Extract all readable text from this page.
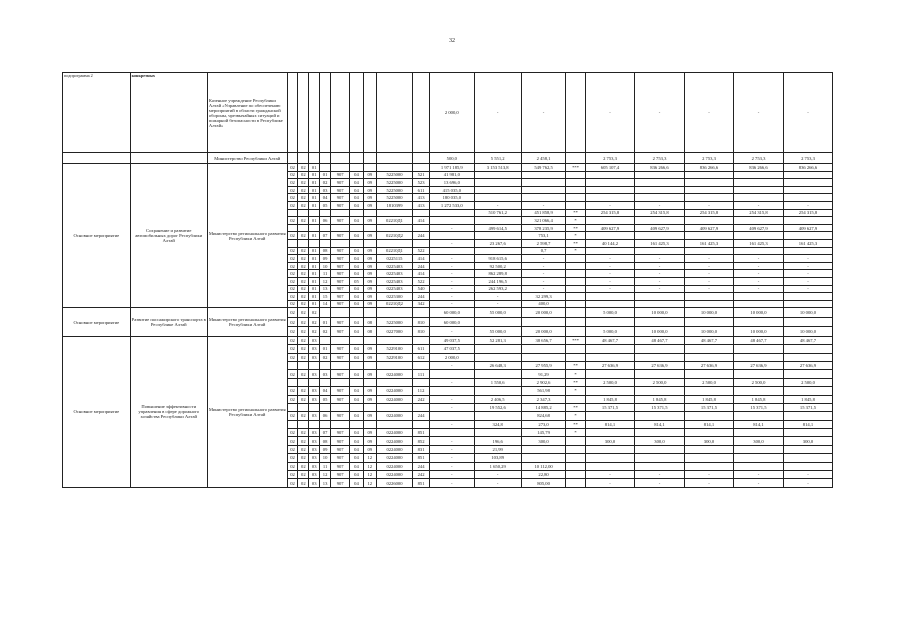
32
подпрограмма 2	конкретных	Казенное учреждение Республики Алтай «Управление по обеспечению мероприятий в области гражданской обороны, чрезвычайных ситуаций и пожарной безопасности в Республике Алтай»										2 000,0	-	-		-	-	-	-	-	
		Министерство Республики Алтай										500,0	5 551,2	2 458,1		2 753,3	2 753,3	2 753,3	2 753,3	2 753,3	
Основное мероприятие	Сохранение и развитие автомобильных дорог Республики Алтай	Министерство регионального развития Республики Алтай	02	02	01							1 971 185,9	3 153 513,8	549 762,5	***	605 107,4	836 266,6	836 266,6	836 266,6	836 266,6	
			02	02	01	01	907	04	09	5225000	521	41 981,0									
			02	02	01	02	907	04	09	5225000	523	13 696,0									
			02	02	01	03	907	04	09	5225000	611	415 035,0									
			02	02	01	04	907	04	09	5225000	413	180 035,0									
			02	02	01	05	907	04	09	1810399	413	1 272 533,0	-	-		-	-	-	-	-	
													510 761,2	451 858,9	**	254 315,8	254 315,8	254 315,8	254 315,8	254 315,8	
			02	02	01	06	907	04	09	02210Д1	414			321 066,4	*						
												-	499 614,5	378 235,9	**	409 627,9	409 627,9	409 627,9	409 627,9	409 627,9	
			02	02	01	07	907	04	09	02210Д2	244			753,1	*						
												-	23 267,6	2 598,7	**	40 144,2	161 425,3	161 425,3	161 425,3	161 425,3	
			02	02	01	08	907	04	09	02210Д1	522			0,7	*						
			02	02	01	09	907	04	09	0225115	414	-	918 615,6	-		-	-	-	-	-	
			02	02	01	10	907	04	09	0225403	244	-	92 500,2	-		-	-	-	-	-	
			02	02	01	11	907	04	09	0225403	414	-	862 289,8	-		-	-	-	-	-	
			02	02	01	12	907	05	09	0225403	522	-	244 196,5	-		-	-	-	-	-	
			02	02	01	13	907	04	09	0225403	540	-	262 593,2	-		-	-	-	-	-	
			02	02	01	15	907	04	09	0225300	244	-	-	32 299,3							
			02	02	01	14	907	04	09	02210Д2	342	-	-	400,0							
Основное мероприятие	Развитие пассажирского транспорта в Республике Алтай	Министерство регионального развития Республики Алтай	02	02	02							60 000,0	55 000,0	20 000,0		5 000,0	10 000,0	10 000,0	10 000,0	10 000,0	
			02	02	02	01	907	04	08	5225000	810	60 000,0									
			02	02	02	02	907	04	08	0227000	810	-	55 000,0	20 000,0		5 000,0	10 000,0	10 000,0	10 000,0	10 000,0	
Основное мероприятие	Повышение эффективности управления в сфере дорожного хозяйства Республики Алтай	Министерство регионального развития Республики Алтай	02	02	03							49 037,5	52 281,3	38 656,7	***	48 467,7	48 467,7	48 467,7	48 467,7	48 467,7	
			02	02	03	01	907	04	09	5229100	611	47 037,5									
			02	02	03	02	907	04	09	5229100	612	2 000,0									
												-	26 648,3	27 955,9	**	27 636,9	27 636,9	27 636,9	27 636,9	27 636,9	
			02	02	03	03	907	04	09	0224000	111			91,29	*						
												-	1 550,6	2 902,6	**	2 500,0	2 500,0	2 500,0	2 500,0	2 500,0	
			02	02	03	04	907	04	09	0224000	112			561,98	*						
			02	02	03	05	907	04	09	0224000	242	-	2 406,5	2 347,3		1 845,8	1 845,8	1 845,8	1 845,8	1 845,8	
												-	19 552,6	14 885,2	**	15 371,5	15 371,5	15 371,5	15 371,5	15 371,5	
			02	02	03	06	907	04	09	0224000	244			824,68	*						
												-	324,8	273,0	**	814,1	814,1	814,1	814,1	814,1	
			02	02	03	07	907	04	09	0224000	851			145,79	*						
			02	02	03	08	907	04	09	0224000	852	-	196,6	300,0		300,0	300,0	300,0	300,0	300,0	
			02	02	03	09	907	04	09	0224000	831	-	21,99								
			02	02	03	10	907	04	12	0224000	851	-	103,89								
			02	02	03	11	907	04	12	0224000	244	-	1 650,29	10 112,00							
			02	02	03	12	907	04	12	0224000	242	-	-	22,80		-	-	-	-	-	
			02	02	03	13	907	04	12	0226000	851	-	-	805,00		-	-	-	-	-	
